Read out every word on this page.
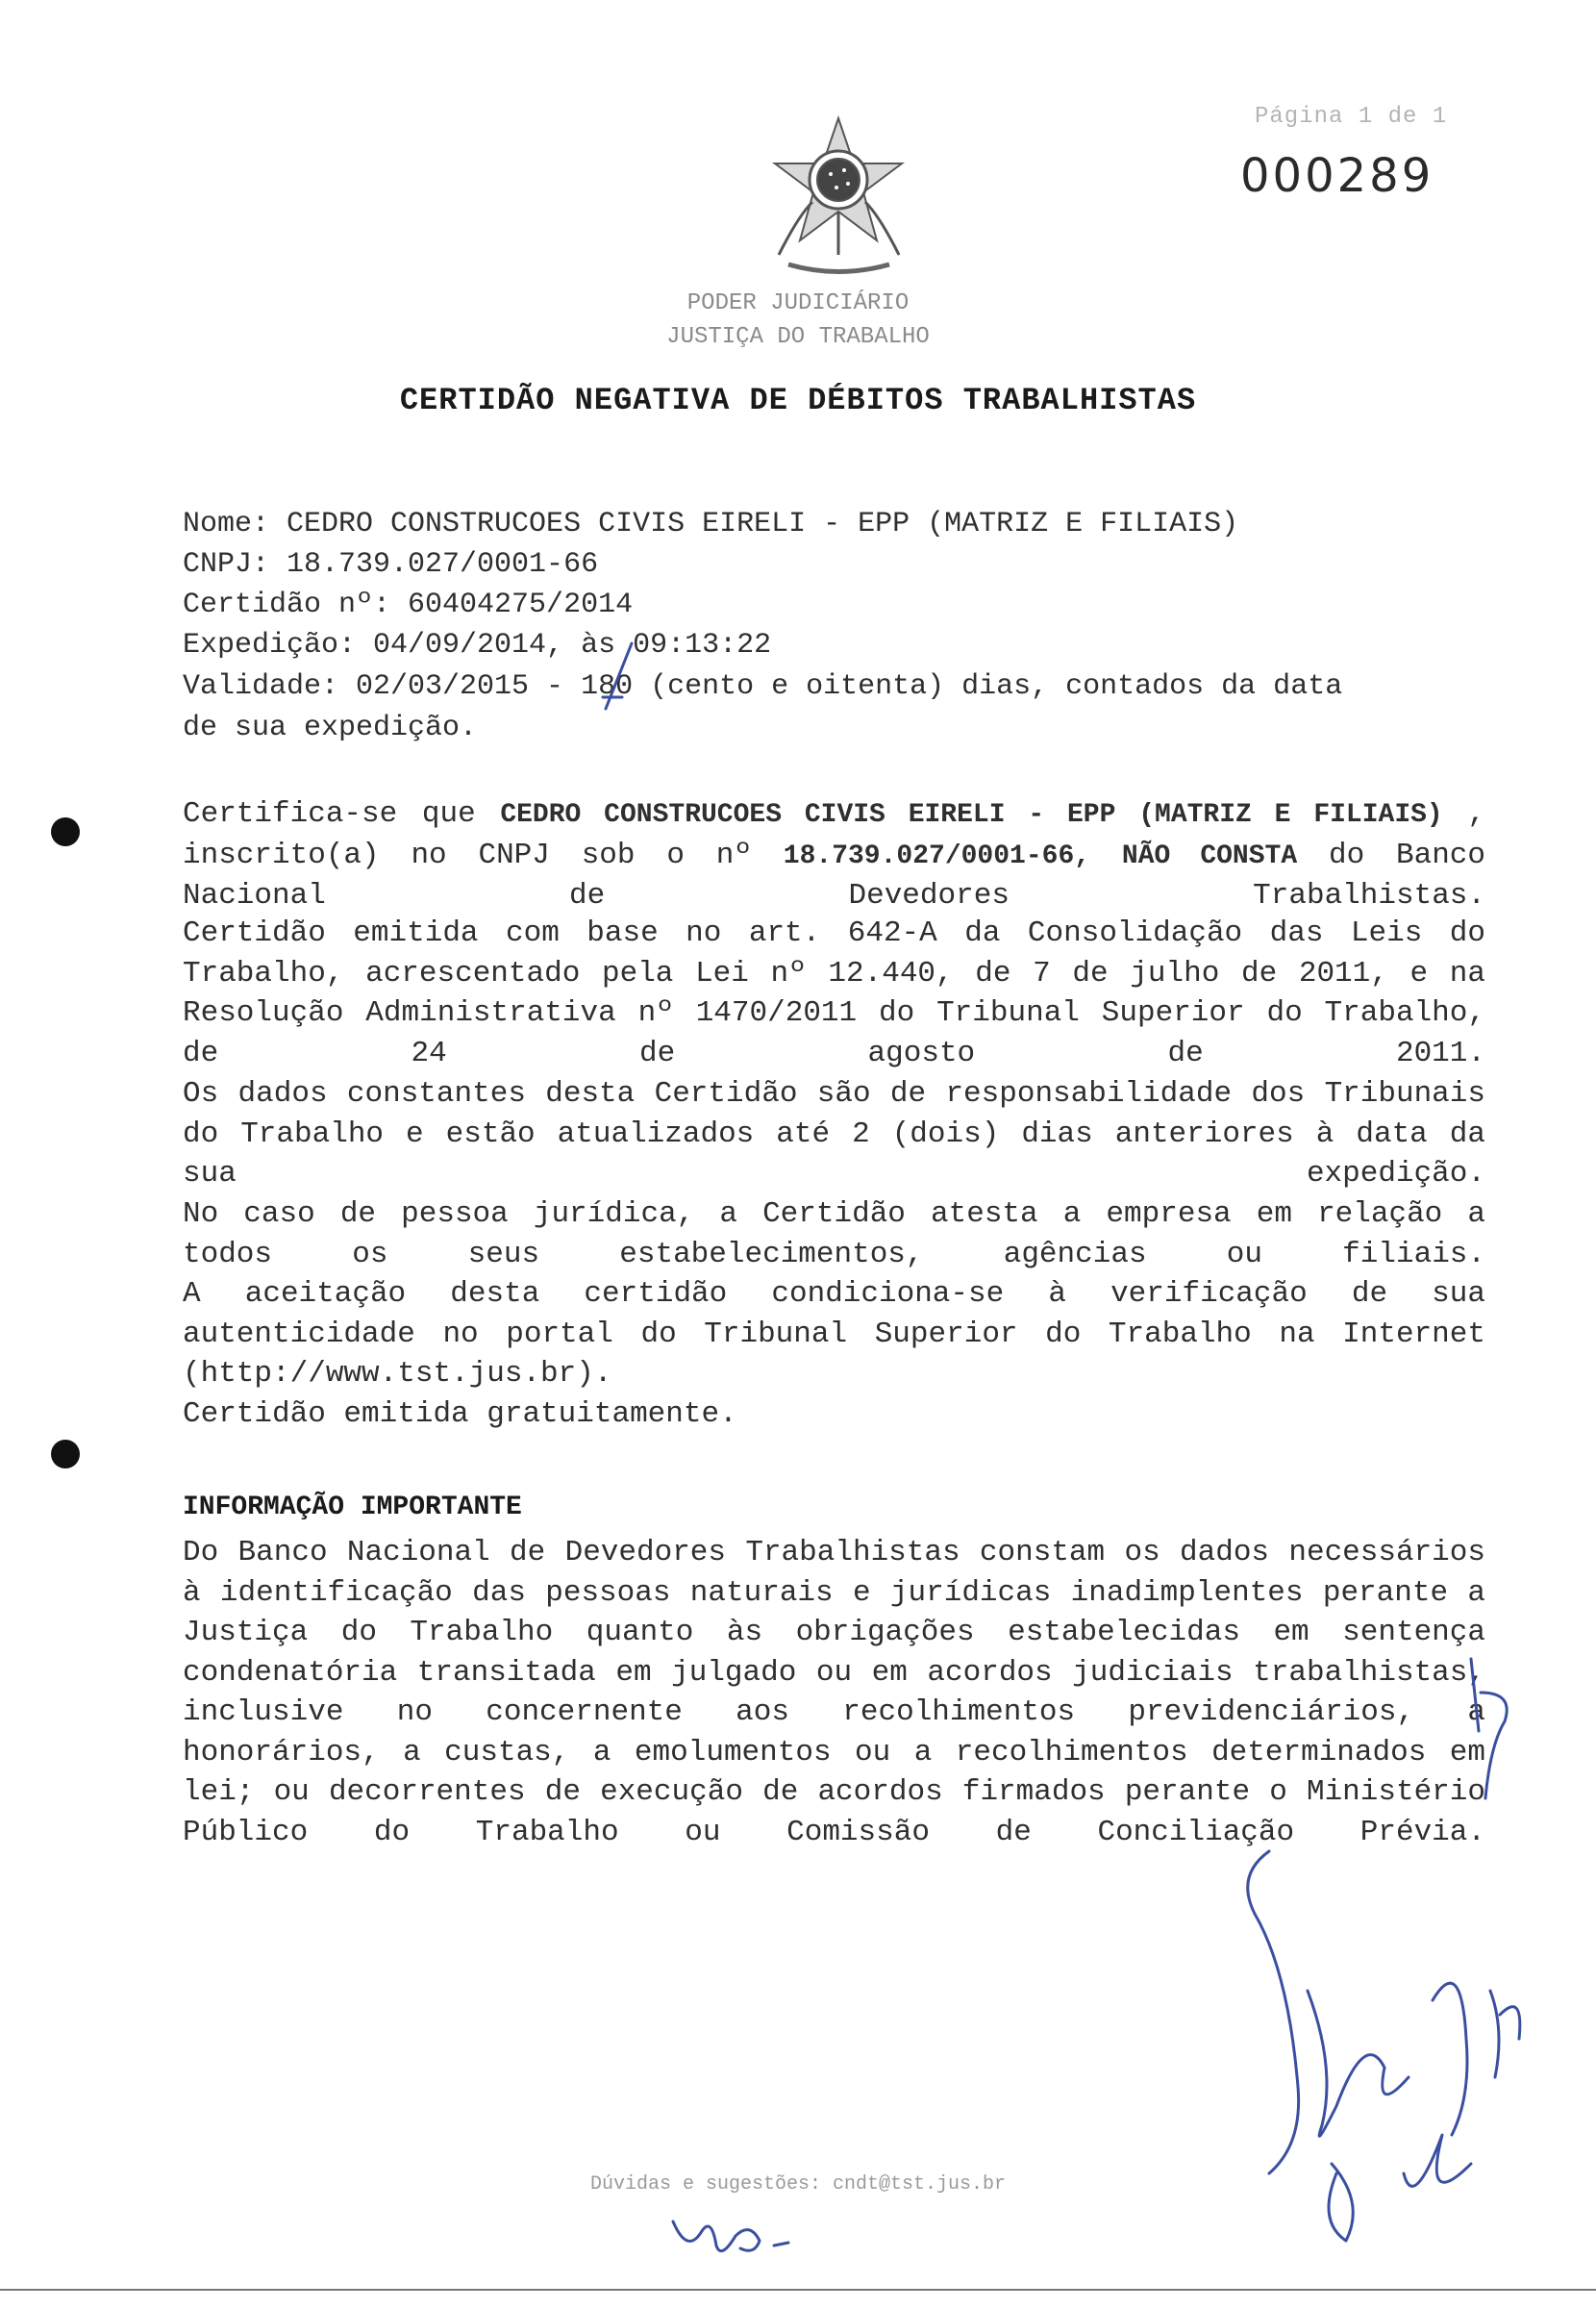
Página 1 de 1
000289
PODER JUDICIÁRIO
JUSTIÇA DO TRABALHO
CERTIDÃO NEGATIVA DE DÉBITOS TRABALHISTAS
Nome: CEDRO CONSTRUCOES CIVIS EIRELI - EPP (MATRIZ E FILIAIS)
CNPJ: 18.739.027/0001-66
Certidão nº: 60404275/2014
Expedição: 04/09/2014, às 09:13:22
Validade: 02/03/2015 - 180 (cento e oitenta) dias, contados da data
de sua expedição.
Certifica-se que CEDRO CONSTRUCOES CIVIS EIRELI - EPP (MATRIZ E FILIAIS) , inscrito(a) no CNPJ sob o nº 18.739.027/0001-66, NÃO CONSTA do Banco Nacional de Devedores Trabalhistas.
Certidão emitida com base no art. 642-A da Consolidação das Leis do Trabalho, acrescentado pela Lei nº 12.440, de 7 de julho de 2011, e na Resolução Administrativa nº 1470/2011 do Tribunal Superior do Trabalho, de 24 de agosto de 2011.
Os dados constantes desta Certidão são de responsabilidade dos Tribunais do Trabalho e estão atualizados até 2 (dois) dias anteriores à data da sua expedição.
No caso de pessoa jurídica, a Certidão atesta a empresa em relação a todos os seus estabelecimentos, agências ou filiais.
A aceitação desta certidão condiciona-se à verificação de sua autenticidade no portal do Tribunal Superior do Trabalho na Internet (http://www.tst.jus.br).
Certidão emitida gratuitamente.
INFORMAÇÃO IMPORTANTE
Do Banco Nacional de Devedores Trabalhistas constam os dados necessários à identificação das pessoas naturais e jurídicas inadimplentes perante a Justiça do Trabalho quanto às obrigações estabelecidas em sentença condenatória transitada em julgado ou em acordos judiciais trabalhistas, inclusive no concernente aos recolhimentos previdenciários, a honorários, a custas, a emolumentos ou a recolhimentos determinados em lei; ou decorrentes de execução de acordos firmados perante o Ministério Público do Trabalho ou Comissão de Conciliação Prévia.
Dúvidas e sugestões: cndt@tst.jus.br
